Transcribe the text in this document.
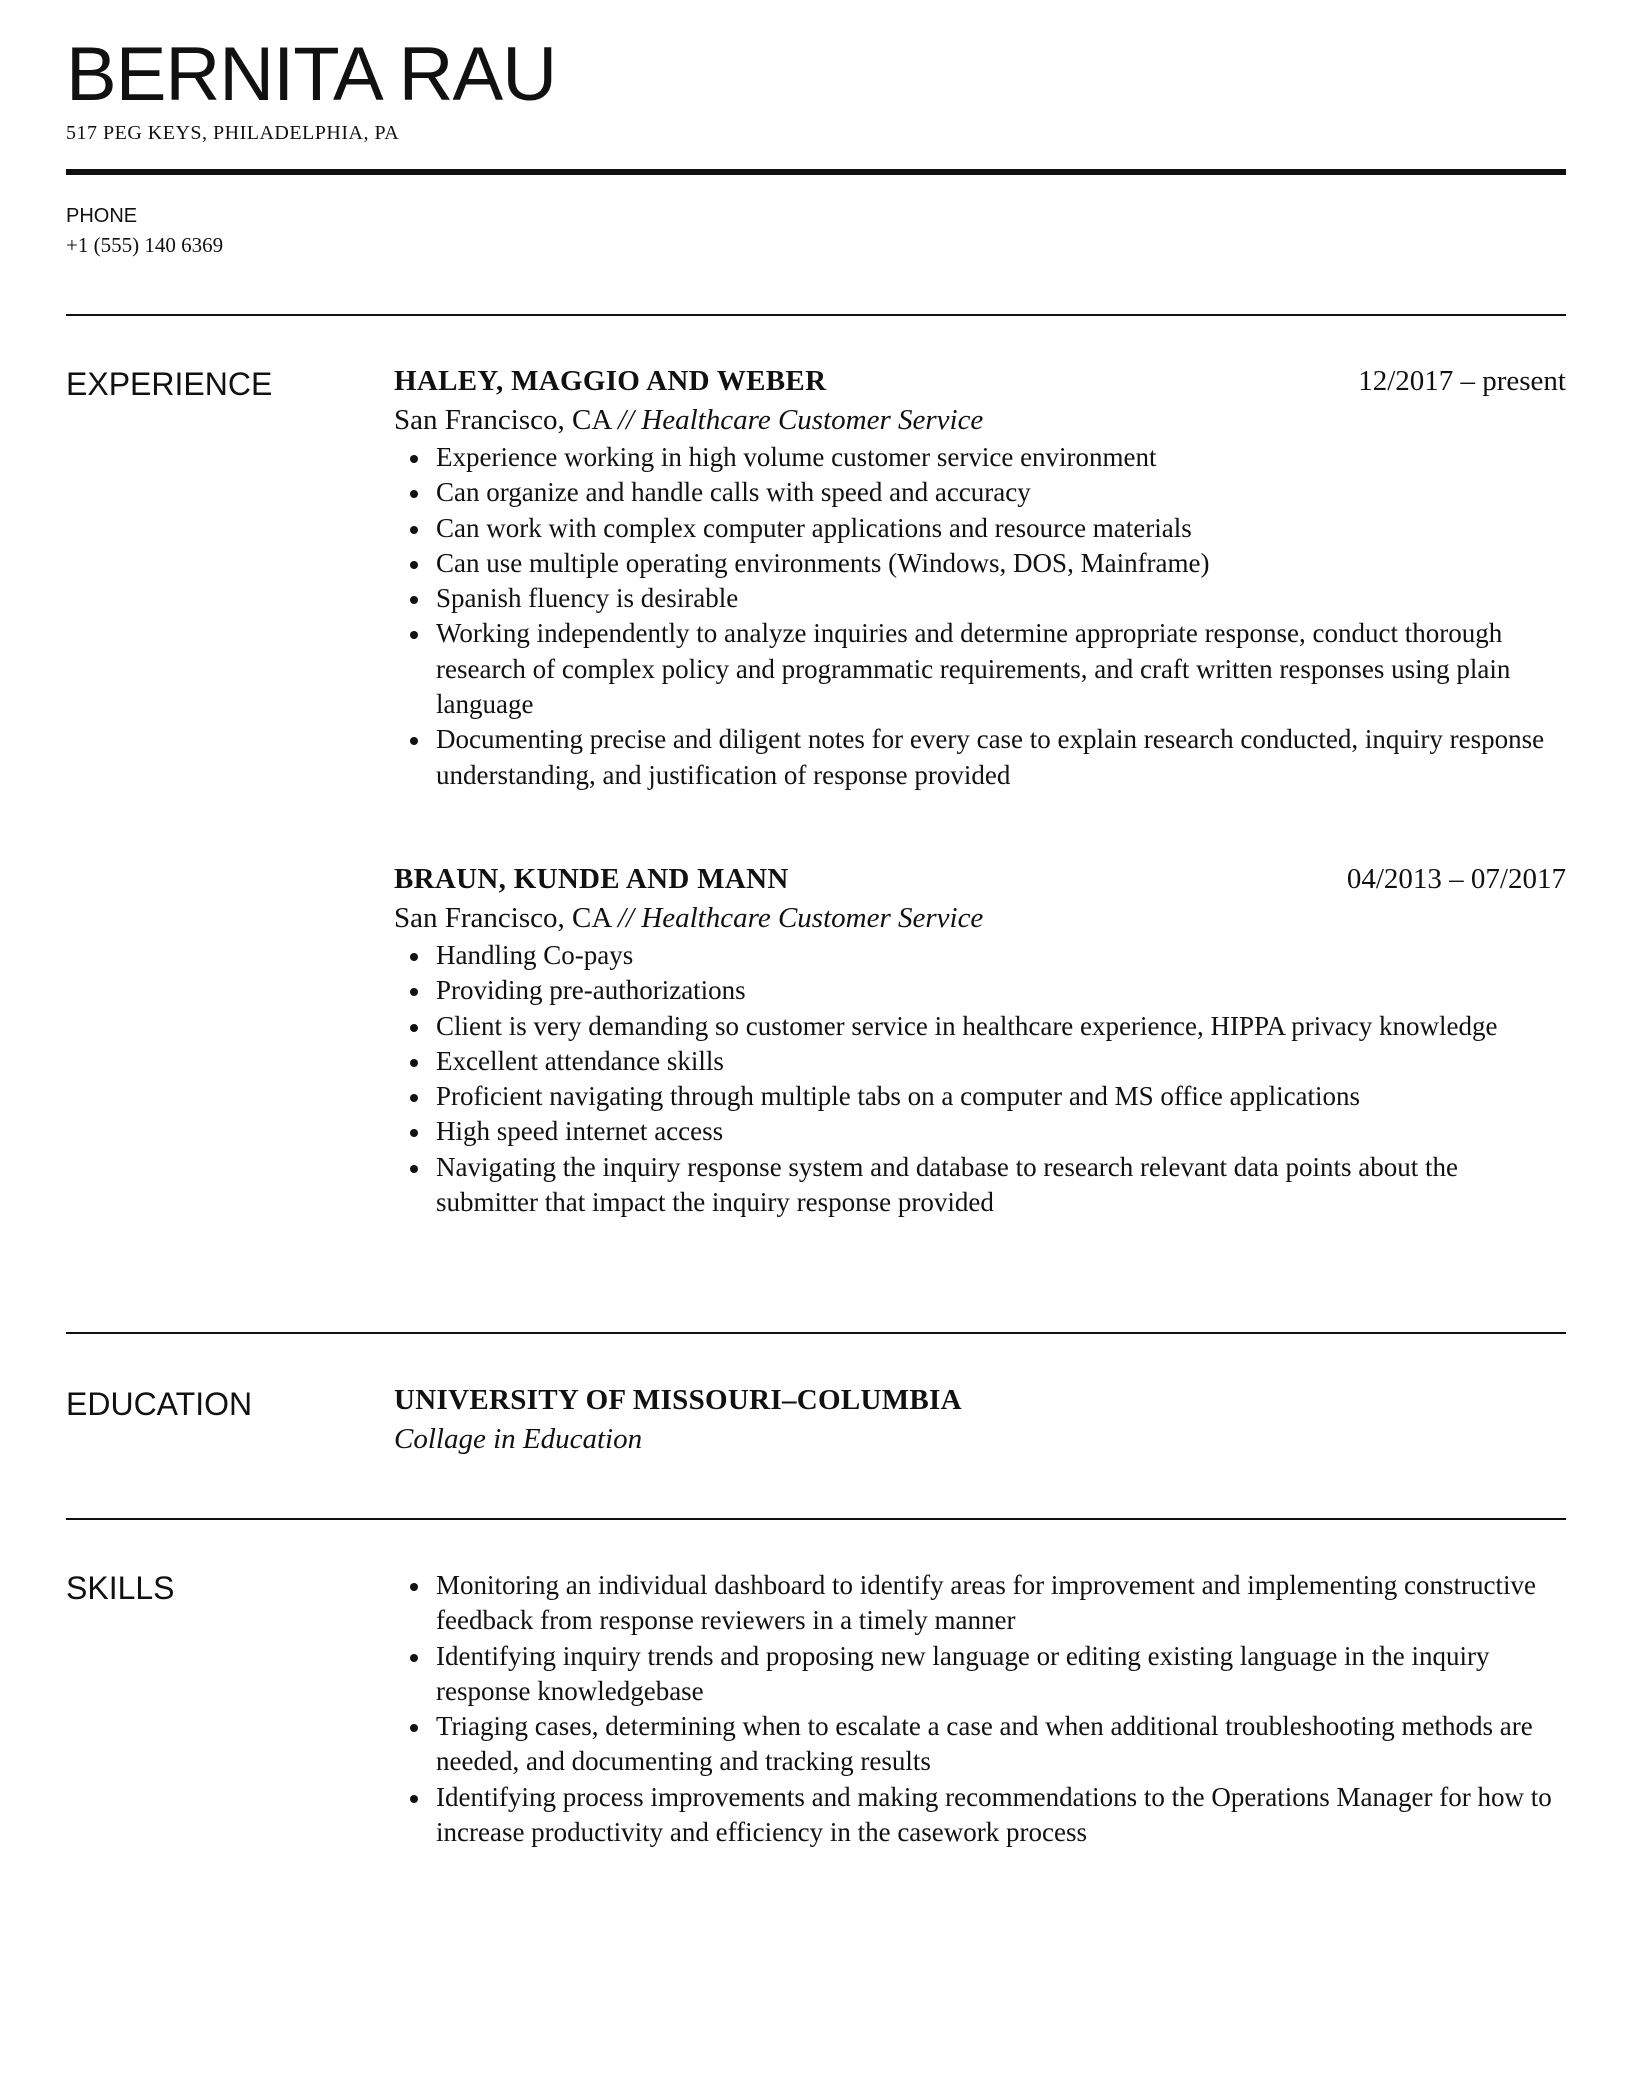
BERNITA RAU
517 PEG KEYS, PHILADELPHIA, PA
PHONE
+1 (555) 140 6369
EXPERIENCE	HALEY, MAGGIO AND WEBER	12/2017 – present
San Francisco, CA // Healthcare Customer Service
Experience working in high volume customer service environment
Can organize and handle calls with speed and accuracy
Can work with complex computer applications and resource materials
Can use multiple operating environments (Windows, DOS, Mainframe)
Spanish fluency is desirable
Working independently to analyze inquiries and determine appropriate response, conduct thorough research of complex policy and programmatic requirements, and craft written responses using plain language
Documenting precise and diligent notes for every case to explain research conducted, inquiry response understanding, and justification of response provided
BRAUN, KUNDE AND MANN	04/2013 – 07/2017
San Francisco, CA // Healthcare Customer Service
Handling Co-pays
Providing pre-authorizations
Client is very demanding so customer service in healthcare experience, HIPPA privacy knowledge
Excellent attendance skills
Proficient navigating through multiple tabs on a computer and MS office applications
High speed internet access
Navigating the inquiry response system and database to research relevant data points about the submitter that impact the inquiry response provided
EDUCATION	UNIVERSITY OF MISSOURI–COLUMBIA
Collage in Education
SKILLS	Monitoring an individual dashboard to identify areas for improvement and implementing constructive feedback from response reviewers in a timely manner
Identifying inquiry trends and proposing new language or editing existing language in the inquiry response knowledgebase
Triaging cases, determining when to escalate a case and when additional troubleshooting methods are needed, and documenting and tracking results
Identifying process improvements and making recommendations to the Operations Manager for how to increase productivity and efficiency in the casework process
